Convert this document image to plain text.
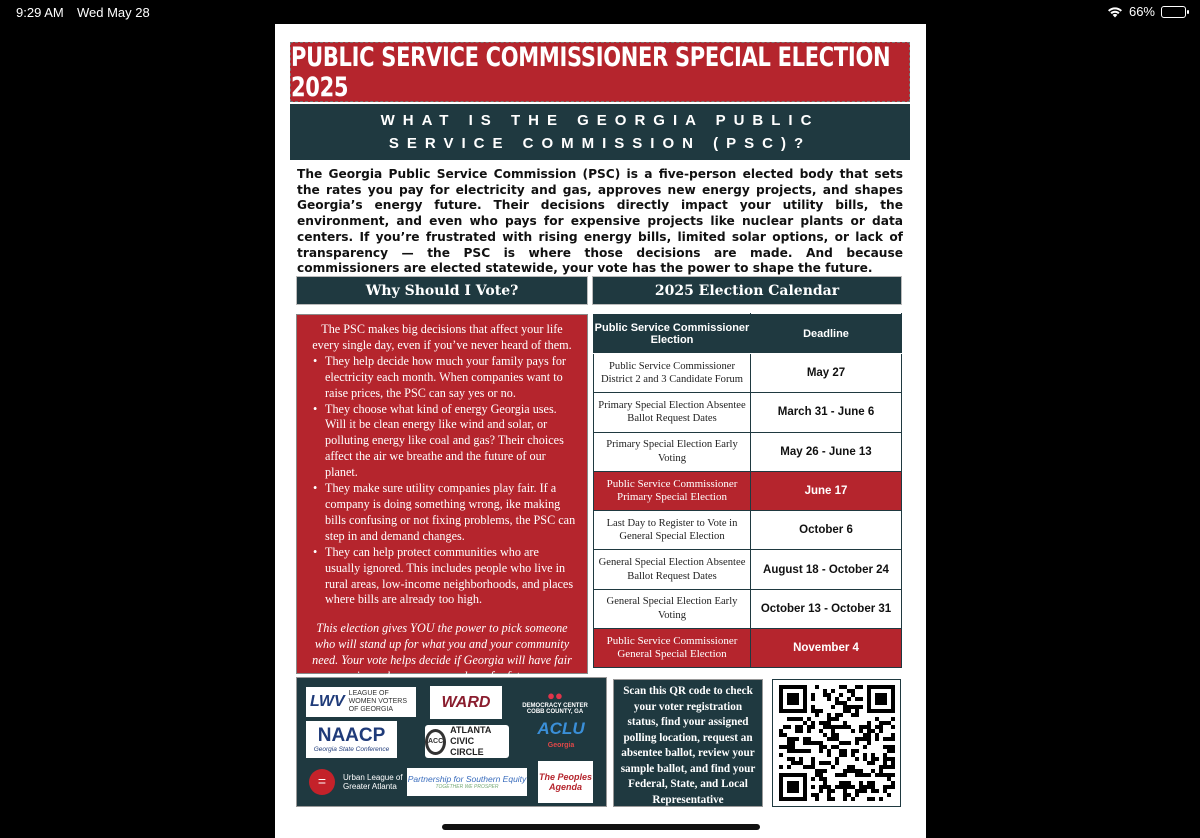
9:29 AM Wed May 28	66%
PUBLIC SERVICE COMMISSIONER SPECIAL ELECTION 2025
WHAT IS THE GEORGIA PUBLIC SERVICE COMMISSION (PSC)?

The Georgia Public Service Commission (PSC) is a five-person elected body that sets the rates you pay for electricity and gas, approves new energy projects, and shapes Georgia’s energy future. Their decisions directly impact your utility bills, the environment, and even who pays for expensive projects like nuclear plants or data centers. If you’re frustrated with rising energy bills, limited solar options, or lack of transparency — the PSC is where those decisions are made. And because commissioners are elected statewide, your vote has the power to shape the future.

Why Should I Vote?	2025 Election Calendar

The PSC makes big decisions that affect your life every single day, even if you’ve never heard of them.

• They help decide how much your family pays for electricity each month. When companies want to raise prices, the PSC can say yes or no.
• They choose what kind of energy Georgia uses. Will it be clean energy like wind and solar, or polluting energy like coal and gas? Their choices affect the air we breathe and the future of our planet.
• They make sure utility companies play fair. If a company is doing something wrong, ike making bills confusing or not fixing problems, the PSC can step in and demand changes.
• They can help protect communities who are usually ignored. This includes people who live in rural areas, low-income neighborhoods, and places where bills are already too high.

This election gives YOU the power to pick someone who will stand up for what you and your community need. Your vote helps decide if Georgia will have fair

Public Service Commissioner Election	Deadline
Public Service Commissioner District 2 and 3 Candidate Forum	May 27
Primary Special Election Absentee Ballot Request Dates	March 31 - June 6
Primary Special Election Early Voting	May 26 - June 13
Public Service Commissioner Primary Special Election	June 17
Last Day to Register to Vote in General Special Election	October 6
General Special Election Absentee Ballot Request Dates	August 18 - October 24
General Special Election Early Voting	October 13 - October 31
Public Service Commissioner General Special Election	November 4
LWV LEAGUE OF WOMEN VOTERS
OF GEORGIA	WARD	●●
DEMOCRACY CENTER
COBB COUNTY, GA
NAACP
Georgia State Conference
ACC
ATLANTA CIVIC CIRCLE
ACLU
Georgia
=	Urban League of Greater Atlanta
Partnership for Southern Equity
TOGETHER WE PROSPER
The Peoples Agenda
Scan this QR code to check your voter registration status, find your assigned polling location, request an absentee ballot, review your sample ballot, and find your Federal, State, and Local Representative
